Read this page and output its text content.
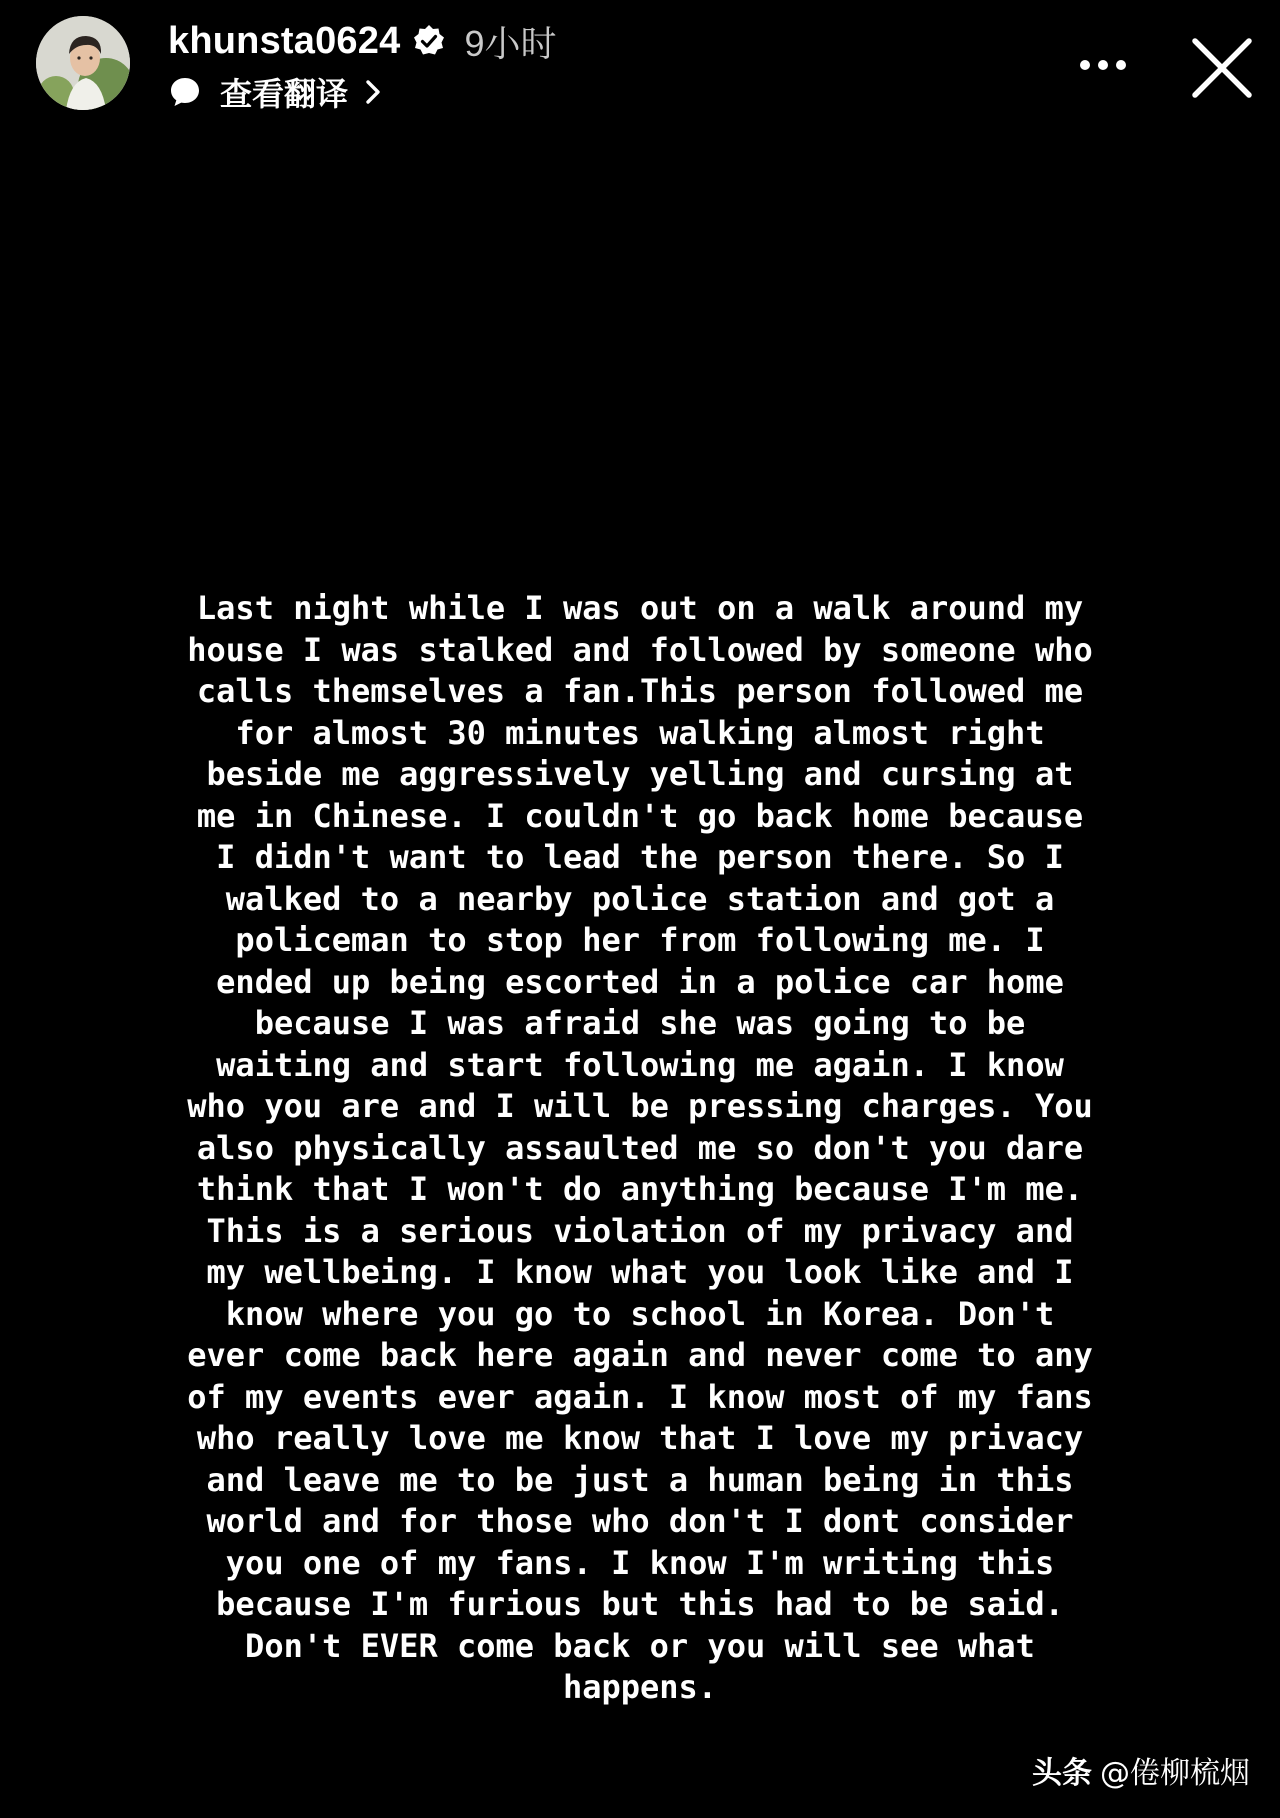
khunsta0624 9小时
查看翻译
Last night while I was out on a walk around my
house I was stalked and followed by someone who
calls themselves a fan.This person followed me
for almost 30 minutes walking almost right
beside me aggressively yelling and cursing at
me in Chinese. I couldn't go back home because
I didn't want to lead the person there. So I
walked to a nearby police station and got a
policeman to stop her from following me. I
ended up being escorted in a police car home
because I was afraid she was going to be
waiting and start following me again. I know
who you are and I will be pressing charges. You
also physically assaulted me so don't you dare
think that I won't do anything because I'm me.
This is a serious violation of my privacy and
my wellbeing. I know what you look like and I
know where you go to school in Korea. Don't
ever come back here again and never come to any
of my events ever again. I know most of my fans
who really love me know that I love my privacy
and leave me to be just a human being in this
world and for those who don't I dont consider
you one of my fans. I know I'm writing this
because I'm furious but this had to be said.
Don't EVER come back or you will see what
happens.
头条 @倦柳梳烟
